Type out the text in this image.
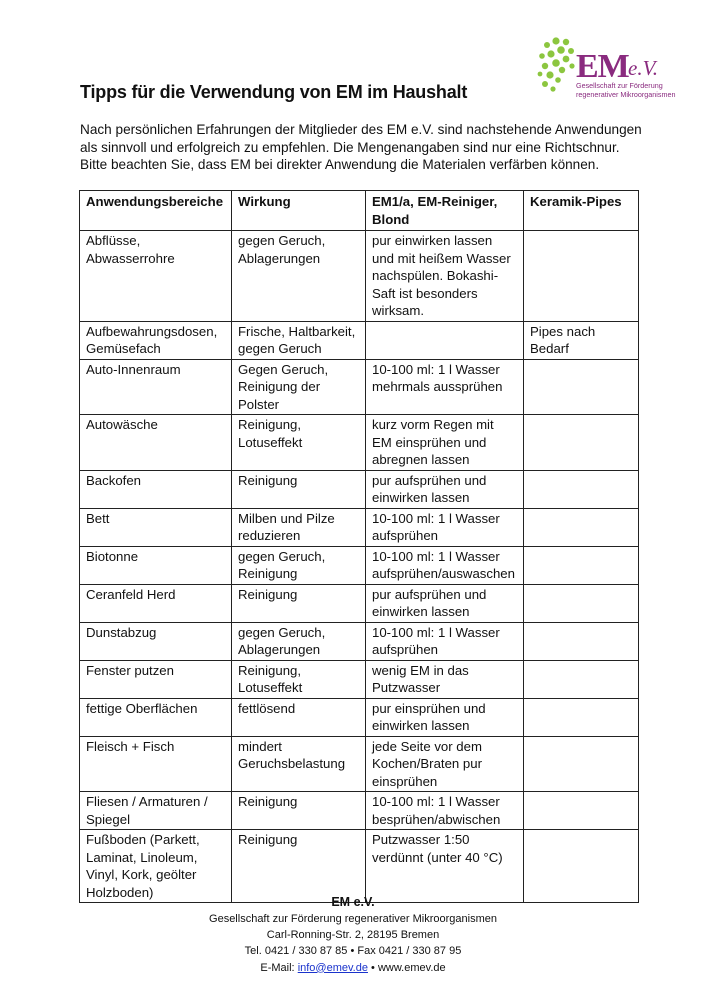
EM e.V.
Gesellschaft zur Förderung
regenerativer Mikroorganismen
Tipps für die Verwendung von EM im Haushalt

Nach persönlichen Erfahrungen der Mitglieder des EM e.V. sind nachstehende Anwendungen
als sinnvoll und erfolgreich zu empfehlen. Die Mengenangaben sind nur eine Richtschnur.
Bitte beachten Sie, dass EM bei direkter Anwendung die Materialen verfärben können.

Anwendungsbereiche	Wirkung	EM1/a, EM-Reiniger, Blond	Keramik-Pipes
Abflüsse, Abwasserrohre	gegen Geruch, Ablagerungen	pur einwirken lassen und mit heißem Wasser nachspülen. Bokashi-Saft ist besonders wirksam.	
Aufbewahrungsdosen, Gemüsefach	Frische, Haltbarkeit, gegen Geruch		Pipes nach Bedarf
Auto-Innenraum	Gegen Geruch, Reinigung der Polster	10-100 ml: 1 l Wasser mehrmals aussprühen	
Autowäsche	Reinigung, Lotuseffekt	kurz vorm Regen mit EM einsprühen und abregnen lassen	
Backofen	Reinigung	pur aufsprühen und einwirken lassen	
Bett	Milben und Pilze reduzieren	10-100 ml: 1 l Wasser aufsprühen	
Biotonne	gegen Geruch, Reinigung	10-100 ml: 1 l Wasser aufsprühen/auswaschen	
Ceranfeld Herd	Reinigung	pur aufsprühen und einwirken lassen	
Dunstabzug	gegen Geruch, Ablagerungen	10-100 ml: 1 l Wasser aufsprühen	
Fenster putzen	Reinigung, Lotuseffekt	wenig EM in das Putzwasser	
fettige Oberflächen	fettlösend	pur einsprühen und einwirken lassen	
Fleisch + Fisch	mindert Geruchsbelastung	jede Seite vor dem Kochen/Braten pur einsprühen	
Fliesen / Armaturen / Spiegel	Reinigung	10-100 ml: 1 l Wasser besprühen/abwischen	
Fußboden (Parkett, Laminat, Linoleum, Vinyl, Kork, geölter Holzboden)	Reinigung	Putzwasser 1:50 verdünnt (unter 40 °C)	
EM e.V.
Gesellschaft zur Förderung regenerativer Mikroorganismen
Carl-Ronning-Str. 2, 28195 Bremen
Tel. 0421 / 330 87 85 • Fax 0421 / 330 87 95
E-Mail: info@emev.de • www.emev.de
